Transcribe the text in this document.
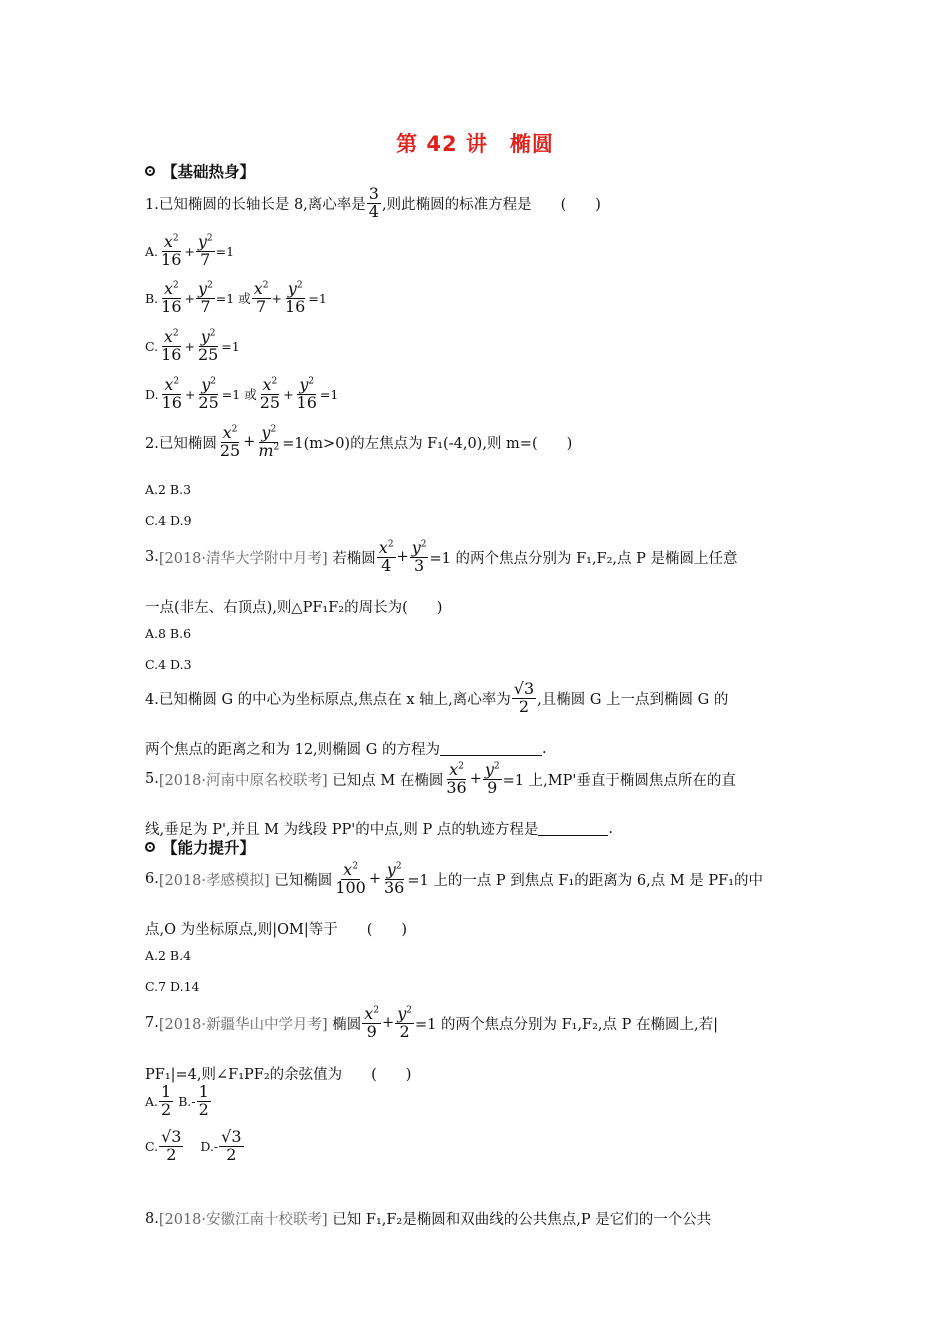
第 42 讲　椭圆
【基础热身】
1.已知椭圆的长轴长是 8,离心率是 $\frac{3}{4}$ ,则此椭圆的标准方程是　　(　　)
A. $\frac{x^2}{16} + \frac{y^2}{7} =1$
B. $\frac{x^2}{16} + \frac{y^2}{7} =1$
或 $\frac{x^2}{7} + \frac{y^2}{16} =1$
C. $\frac{x^2}{16} + \frac{y^2}{25} =1$
D. $\frac{x^2}{16} + \frac{y^2}{25} =1$
或 $\frac{x^2}{25} + \frac{y^2}{16} =1$
2.已知椭圆 $\frac{x^2}{25} + \frac{y^2}{m^2} =1(m>0)$的左焦点为 F₁(-4,0),则 m=(　　)
A.2 B.3
C.4 D.9
3. [2018·清华大学附中月考]
若椭圆 $\frac{x^2}{4} + \frac{y^2}{3} =1$ 的两个焦点分别为 F₁,F₂,点 P 是椭圆上任意
一点(非左、右顶点),则△PF₁F₂的周长为(　　)
A.8 B.6
C.4 D.3
4.已知椭圆 G 的中心为坐标原点,焦点在 x 轴上,离心率为 $\frac{√3}{2}$ ,且椭圆 G 上一点到椭圆 G 的
两个焦点的距离之和为 12,则椭圆 G 的方程为	.
5. [2018·河南中原名校联考]
已知点 M 在椭圆 $\frac{x^2}{36} + \frac{y^2}{9} =1$ 上,MP'垂直于椭圆焦点所在的直
线,垂足为 P',并且 M 为线段 PP'的中点,则 P 点的轨迹方程是	.
【能力提升】
6. [2018·孝感模拟]
已知椭圆 $\frac{x^2}{100} + \frac{y^2}{36} =1$ 上的一点 P 到焦点 F₁的距离为 6,点 M 是 PF₁的中
点,O 为坐标原点,则|OM|等于　　(　　)
A.2 B.4
C.7 D.14
7. [2018·新疆华山中学月考]
椭圆 $\frac{x^2}{9} + \frac{y^2}{2} =1$ 的两个焦点分别为 F₁,F₂,点 P 在椭圆上,若|
PF₁|=4,则∠F₁PF₂的余弦值为　　(　　)
A. $\frac{1}{2}$
$B.- \frac{1}{2}$
C. $\frac{√3}{2}$
$D.- \frac{√3}{2}$
8. [2018·安徽江南十校联考]
已知 F₁,F₂是椭圆和双曲线的公共焦点,P 是它们的一个公共
